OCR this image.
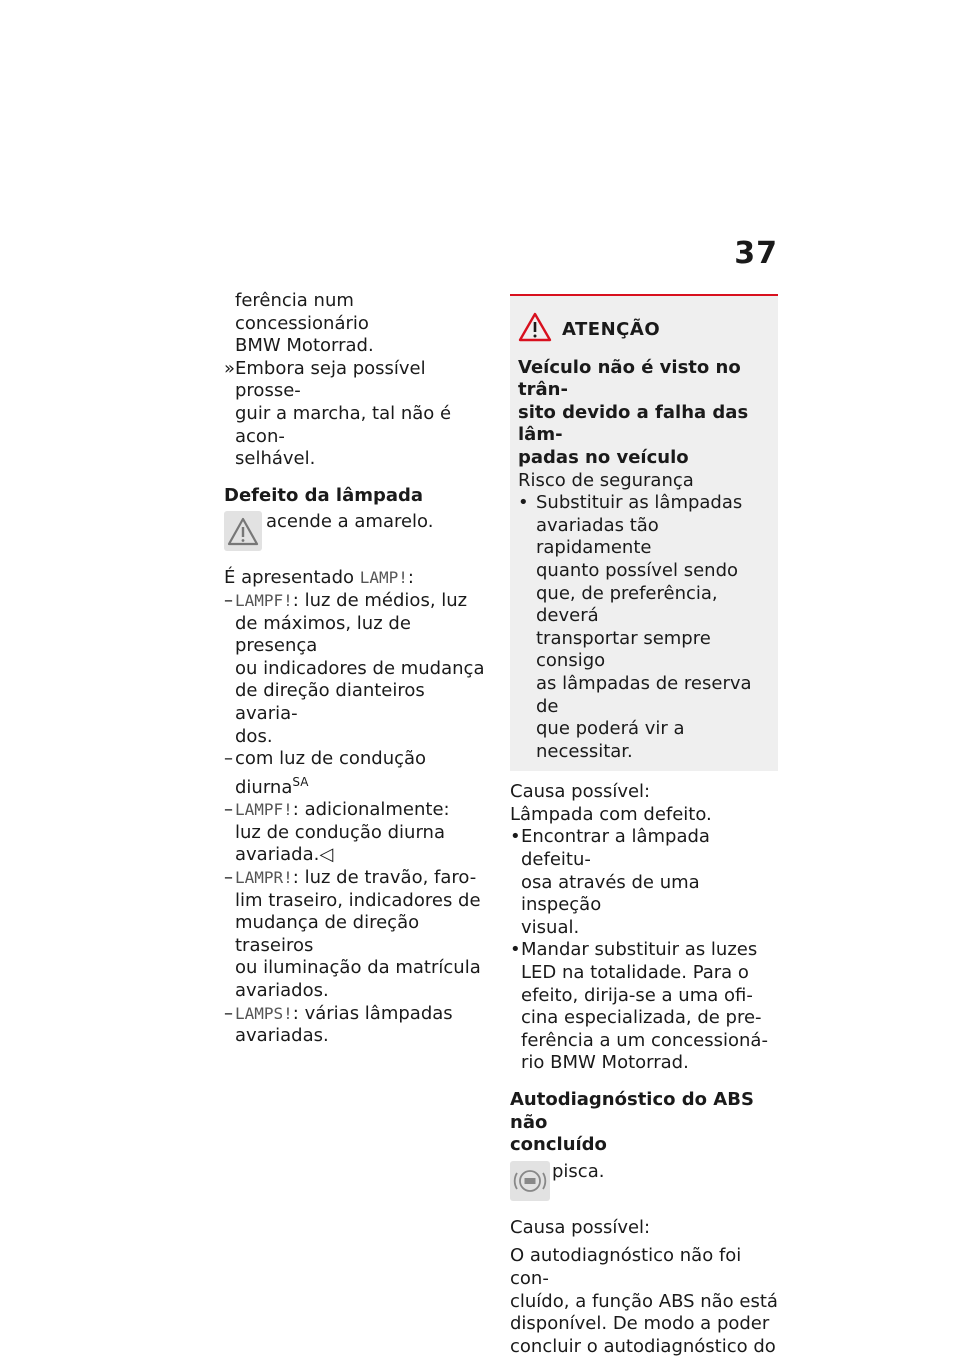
37

ferência num concessionário

BMW Motorrad.

» Embora seja possível prosse-

guir a marcha, tal não é acon-

selhável.

Defeito da lâmpada

acende a amarelo.

É apresentado LAMP!:

– LAMPF!: luz de médios, luz

de máximos, luz de presença

ou indicadores de mudança

de direção dianteiros avaria-

dos.

– com luz de condução

diurna$^{SA}$

– LAMPF!: adicionalmente:

luz de condução diurna

avariada.◁

– LAMPR!: luz de travão, faro-

lim traseiro, indicadores de

mudança de direção traseiros

ou iluminação da matrícula

avariados.

– LAMPS!: várias lâmpadas

avariadas.

ATENÇÃO

Veículo não é visto no trân-

sito devido a falha das lâm-

padas no veículo

Risco de segurança

• Substituir as lâmpadas

avariadas tão rapidamente

quanto possível sendo

que, de preferência, deverá

transportar sempre consigo

as lâmpadas de reserva de

que poderá vir a necessitar.

Causa possível:

Lâmpada com defeito.

• Encontrar a lâmpada defeitu-

osa através de uma inspeção

visual.

• Mandar substituir as luzes

LED na totalidade. Para o

efeito, dirija-se a uma ofi-

cina especializada, de pre-

ferência a um concessioná-

rio BMW Motorrad.

Autodiagnóstico do ABS não

concluído

pisca.

Causa possível:

O autodiagnóstico não foi con-

cluído, a função ABS não está

disponível. De modo a poder

concluir o autodiagnóstico do
